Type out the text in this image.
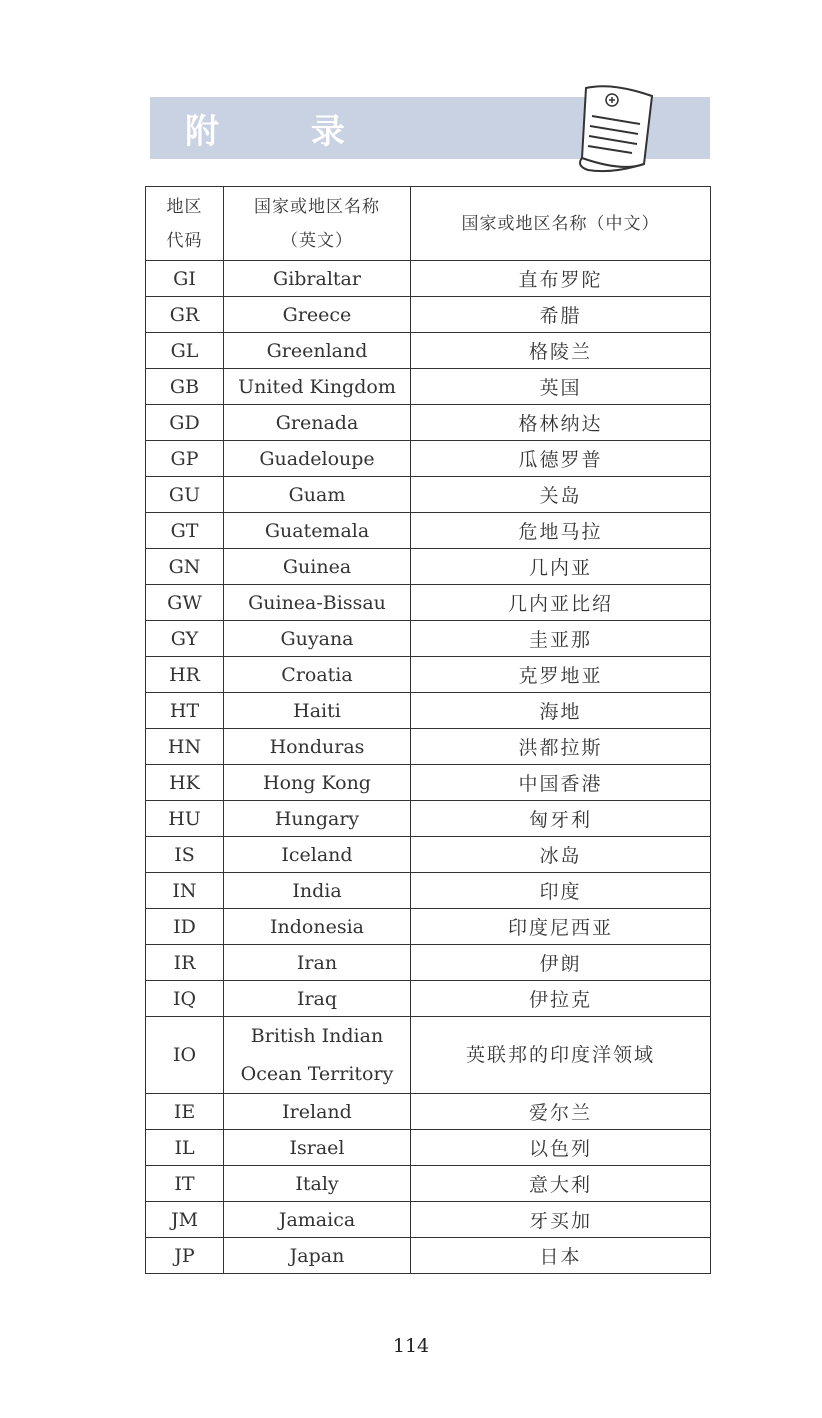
附 录
地区代码	国家或地区名称（英文）	国家或地区名称（中文）
GI	Gibraltar	直布罗陀
GR	Greece	希腊
GL	Greenland	格陵兰
GB	United Kingdom	英国
GD	Grenada	格林纳达
GP	Guadeloupe	瓜德罗普
GU	Guam	关岛
GT	Guatemala	危地马拉
GN	Guinea	几内亚
GW	Guinea-Bissau	几内亚比绍
GY	Guyana	圭亚那
HR	Croatia	克罗地亚
HT	Haiti	海地
HN	Honduras	洪都拉斯
HK	Hong Kong	中国香港
HU	Hungary	匈牙利
IS	Iceland	冰岛
IN	India	印度
ID	Indonesia	印度尼西亚
IR	Iran	伊朗
IQ	Iraq	伊拉克
IO	British Indian Ocean Territory	英联邦的印度洋领域
IE	Ireland	爱尔兰
IL	Israel	以色列
IT	Italy	意大利
JM	Jamaica	牙买加
JP	Japan	日本
114
